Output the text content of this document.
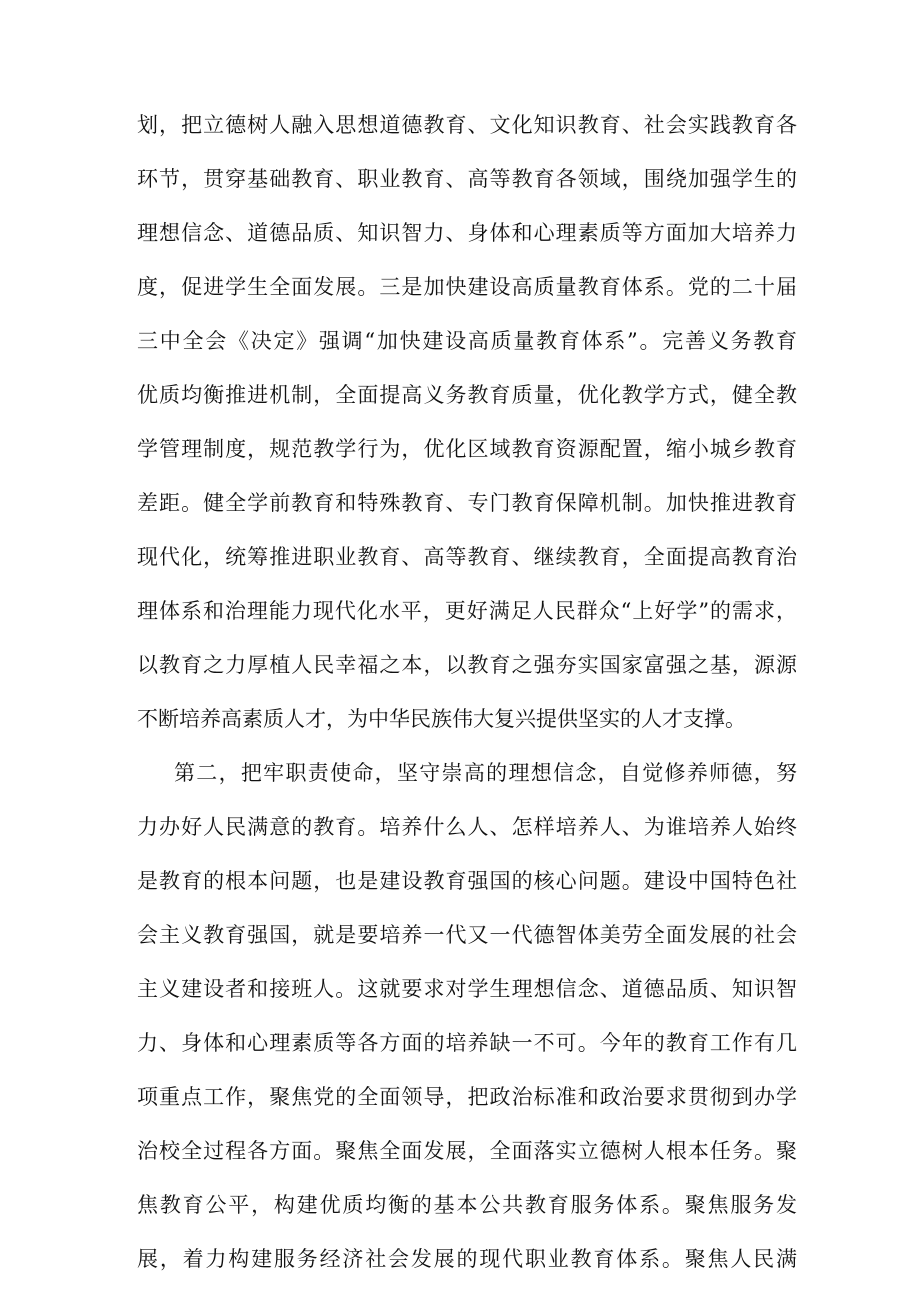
划，把立德树人融入思想道德教育、文化知识教育、社会实践教育各
环节，贯穿基础教育、职业教育、高等教育各领域，围绕加强学生的
理想信念、道德品质、知识智力、身体和心理素质等方面加大培养力
度，促进学生全面发展。三是加快建设高质量教育体系。党的二十届
三中全会《决定》强调“加快建设高质量教育体系”。完善义务教育
优质均衡推进机制，全面提高义务教育质量，优化教学方式，健全教
学管理制度，规范教学行为，优化区域教育资源配置，缩小城乡教育
差距。健全学前教育和特殊教育、专门教育保障机制。加快推进教育
现代化，统筹推进职业教育、高等教育、继续教育，全面提高教育治
理体系和治理能力现代化水平，更好满足人民群众“上好学”的需求，
以教育之力厚植人民幸福之本，以教育之强夯实国家富强之基，源源
不断培养高素质人才，为中华民族伟大复兴提供坚实的人才支撑。
第二，把牢职责使命，坚守崇高的理想信念，自觉修养师德，努
力办好人民满意的教育。培养什么人、怎样培养人、为谁培养人始终
是教育的根本问题，也是建设教育强国的核心问题。建设中国特色社
会主义教育强国，就是要培养一代又一代德智体美劳全面发展的社会
主义建设者和接班人。这就要求对学生理想信念、道德品质、知识智
力、身体和心理素质等各方面的培养缺一不可。今年的教育工作有几
项重点工作，聚焦党的全面领导，把政治标准和政治要求贯彻到办学
治校全过程各方面。聚焦全面发展，全面落实立德树人根本任务。聚
焦教育公平，构建优质均衡的基本公共教育服务体系。聚焦服务发
展，着力构建服务经济社会发展的现代职业教育体系。聚焦人民满
